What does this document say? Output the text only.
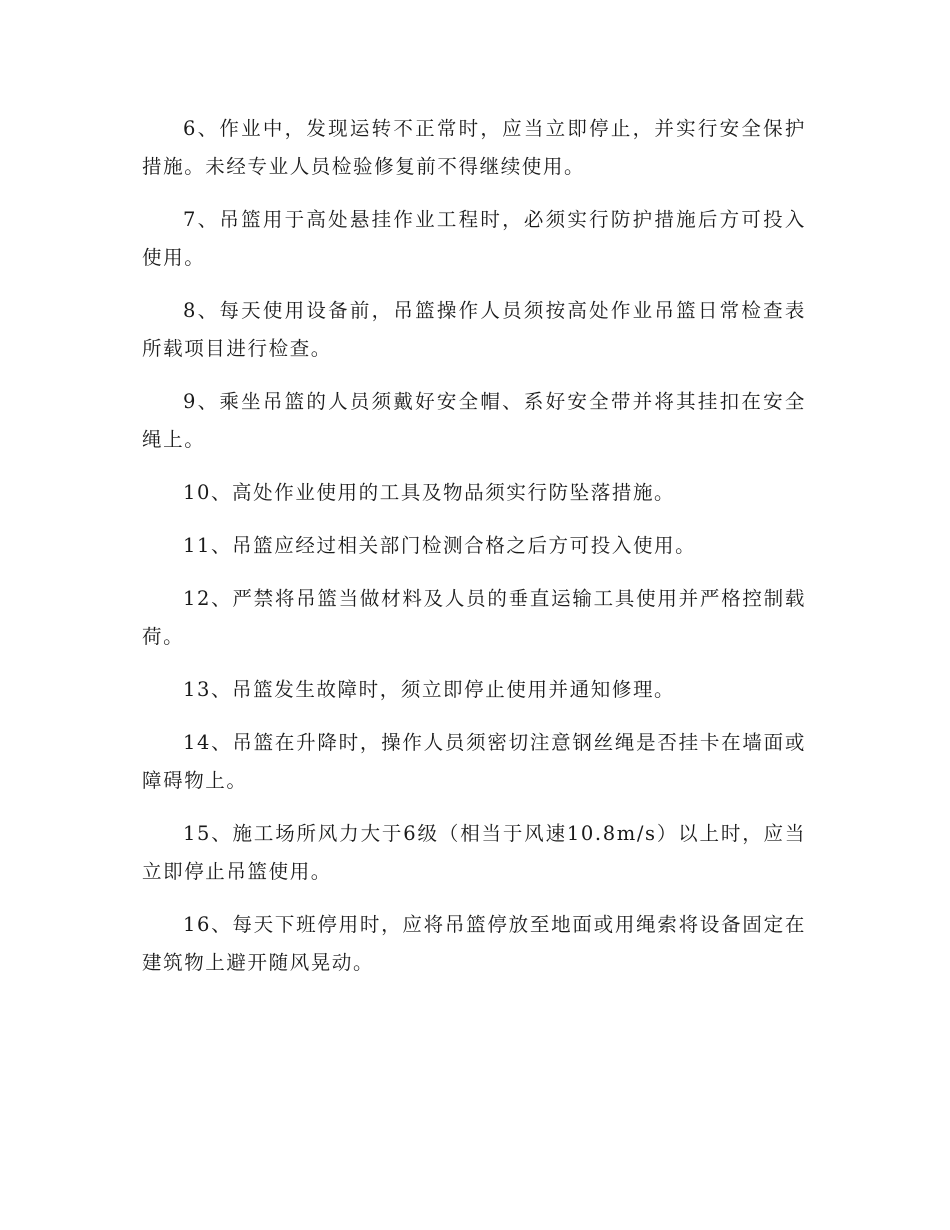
6、作业中，发现运转不正常时，应当立即停止，并实行安全保护措施。未经专业人员检验修复前不得继续使用。

7、吊篮用于高处悬挂作业工程时，必须实行防护措施后方可投入使用。

8、每天使用设备前，吊篮操作人员须按高处作业吊篮日常检查表所载项目进行检查。

9、乘坐吊篮的人员须戴好安全帽、系好安全带并将其挂扣在安全绳上。

10、高处作业使用的工具及物品须实行防坠落措施。

11、吊篮应经过相关部门检测合格之后方可投入使用。

12、严禁将吊篮当做材料及人员的垂直运输工具使用并严格控制载荷。

13、吊篮发生故障时，须立即停止使用并通知修理。

14、吊篮在升降时，操作人员须密切注意钢丝绳是否挂卡在墙面或障碍物上。

15、施工场所风力大于6级（相当于风速10.8m/s）以上时，应当立即停止吊篮使用。

16、每天下班停用时，应将吊篮停放至地面或用绳索将设备固定在建筑物上避开随风晃动。
